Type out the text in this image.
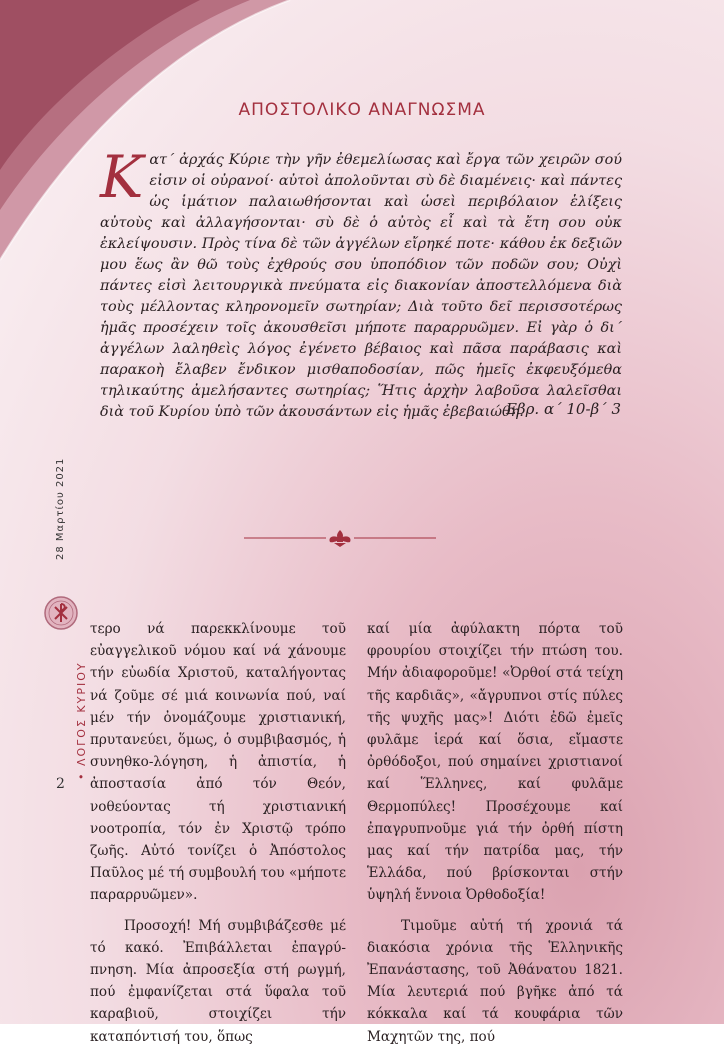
ΑΠΟΣΤΟΛΙΚΟ ΑΝΑΓΝΩΣΜΑ
Κατ΄ ἀρχάς Κύριε τὴν γῆν ἐθεμελίωσας καὶ ἔργα τῶν χειρῶν σού εἰσιν οἱ οὐρανοί· αὐτοὶ ἀπολοῦνται σὺ δὲ διαμένεις· καὶ πάντες ὡς ἱμάτιον παλαιωθήσονται καὶ ὡσεὶ περιβόλαιον ἑλίξεις αὐτοὺς καὶ ἀλλαγήσονται· σὺ δὲ ὁ αὐτὸς εἶ καὶ τὰ ἔτη σου οὐκ ἐκλείψουσιν. Πρὸς τίνα δὲ τῶν ἀγγέλων εἴρηκέ ποτε· κάθου ἐκ δεξιῶν μου ἕως ἂν θῶ τοὺς ἐχθρούς σου ὑποπόδιον τῶν ποδῶν σου; Οὐχὶ πάντες εἰσὶ λειτουργικὰ πνεύματα εἰς διακονίαν ἀποστελλόμενα διὰ τοὺς μέλλοντας κληρονομεῖν σωτηρίαν; Διὰ τοῦτο δεῖ περισσοτέρως ἡμᾶς προσέχειν τοῖς ἀκουσθεῖσι μήποτε παραρρυῶμεν. Εἰ γὰρ ὁ δι΄ ἀγγέλων λαληθεὶς λόγος ἐγένετο βέβαιος καὶ πᾶσα παράβασις καὶ παρακοὴ ἔλαβεν ἔνδικον μισθαποδοσίαν, πῶς ἡμεῖς ἐκφευξόμεθα τηλικαύτης ἀμελήσαντες σωτηρίας; Ἥτις ἀρχὴν λαβοῦσα λαλεῖσθαι διὰ τοῦ Κυρίου ὑπὸ τῶν ἀκουσάντων εἰς ἡμᾶς ἐβεβαιώθη.
Εβρ. α΄ 10-β΄ 3
28 Μαρτίου 2021
• ΛΟΓΟΣ ΚΥΡΙΟΥ
2

τερο νά παρεκκλίνουμε τοῦ εὐαγγελικοῦ νόμου καί νά χάνουμε τήν εὐωδία Χριστοῦ, καταλήγοντας νά ζοῦμε σέ μιά κοινωνία πού, ναί μέν τήν ὀνομάζουμε χριστιανική, πρυτανεύει, ὅμως, ὁ συμβιβασμός, ἡ συνηθκο-λόγηση, ἡ ἀπιστία, ἡ ἀποστασία ἀπό τόν Θεόν, νοθεύοντας τή χριστιανική νοοτροπία, τόν ἐν Χριστῷ τρόπο ζωῆς. Αὐτό τονίζει ὁ Ἀπόστολος Παῦλος μέ τή συμβουλή του «μήποτε παραρρυῶμεν».

Προσοχή! Μή συμβιβάζεσθε μέ τό κακό. Ἐπιβάλλεται ἐπαγρύ-πνηση. Μία ἀπροσεξία στή ρωγμή, πού ἐμφανίζεται στά ὕφαλα τοῦ καραβιοῦ, στοιχίζει τήν καταπόντισή του, ὅπως

καί μία ἀφύλακτη πόρτα τοῦ φρουρίου στοιχίζει τήν πτώση του. Μήν ἀδιαφοροῦμε! «Ὀρθοί στά τείχη τῆς καρδιᾶς», «ἄγρυπνοι στίς πύλες τῆς ψυχῆς μας»! Διότι ἐδῶ ἐμεῖς φυλᾶμε ἱερά καί ὅσια, εἴμαστε ὀρθόδοξοι, πού σημαίνει χριστιανοί καί Ἕλληνες, καί φυλᾶμε Θερμοπύλες! Προσέχουμε καί ἐπαγρυπνοῦμε γιά τήν ὀρθή πίστη μας καί τήν πατρίδα μας, τήν Ἑλλάδα, πού βρίσκονται στήν ὑψηλή ἔννοια Ὀρθοδοξία!

Τιμοῦμε αὐτή τή χρονιά τά διακόσια χρόνια τῆς Ἑλληνικῆς Ἐπανάστασης, τοῦ Ἀθάνατου 1821. Μία λευτεριά πού βγῆκε ἀπό τά κόκκαλα καί τά κουφάρια τῶν Μαχητῶν της, πού
